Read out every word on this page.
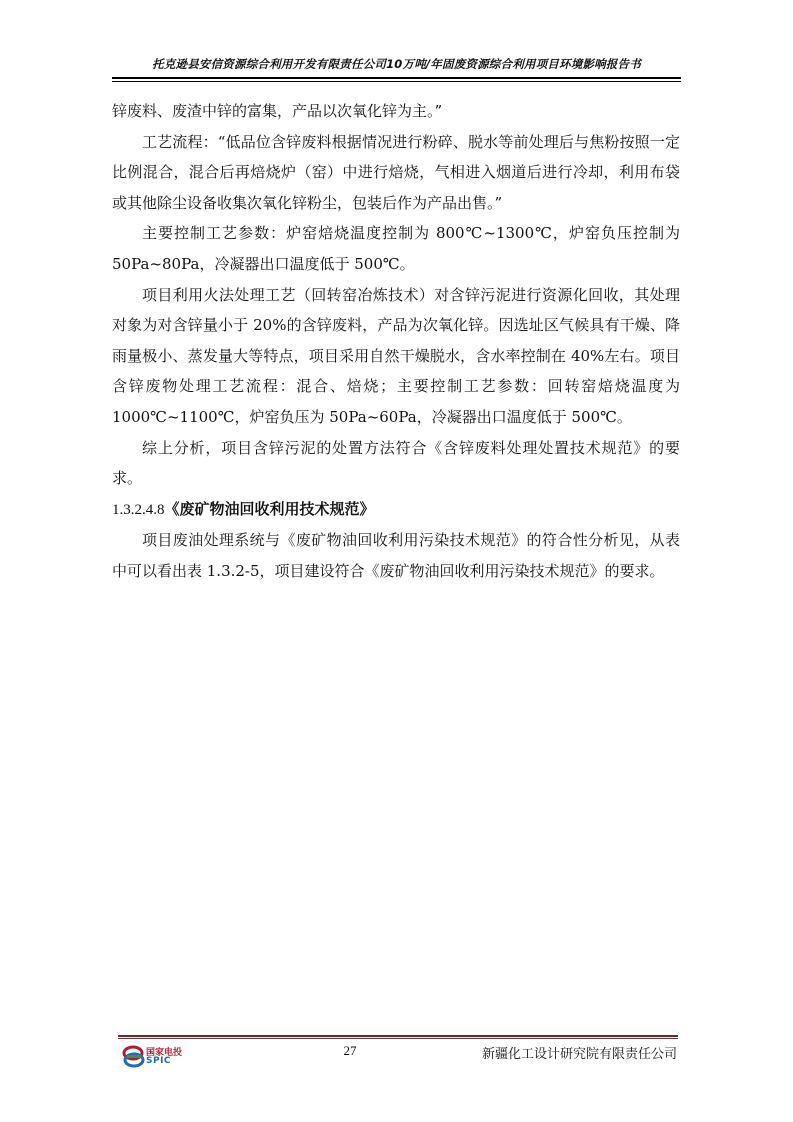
托克逊县安信资源综合利用开发有限责任公司10万吨/年固废资源综合利用项目环境影响报告书

锌废料、废渣中锌的富集，产品以次氧化锌为主。”

工艺流程：“低品位含锌废料根据情况进行粉碎、脱水等前处理后与焦粉按照一定比例混合，混合后再焙烧炉（窑）中进行焙烧，气相进入烟道后进行冷却，利用布袋或其他除尘设备收集次氧化锌粉尘，包装后作为产品出售。”

主要控制工艺参数：炉窑焙烧温度控制为 800℃~1300℃，炉窑负压控制为 50Pa~80Pa，冷凝器出口温度低于 500℃。

项目利用火法处理工艺（回转窑冶炼技术）对含锌污泥进行资源化回收，其处理对象为对含锌量小于 20%的含锌废料，产品为次氧化锌。因选址区气候具有干燥、降雨量极小、蒸发量大等特点，项目采用自然干燥脱水，含水率控制在 40%左右。项目含锌废物处理工艺流程：混合、焙烧；主要控制工艺参数：回转窑焙烧温度为 1000℃~1100℃，炉窑负压为 50Pa~60Pa，冷凝器出口温度低于 500℃。

综上分析，项目含锌污泥的处置方法符合《含锌废料处理处置技术规范》的要求。

1.3.2.4.8《废矿物油回收利用技术规范》

项目废油处理系统与《废矿物油回收利用污染技术规范》的符合性分析见，从表中可以看出表 1.3.2-5，项目建设符合《废矿物油回收利用污染技术规范》的要求。

国家电投
SPIC
27	新疆化工设计研究院有限责任公司
